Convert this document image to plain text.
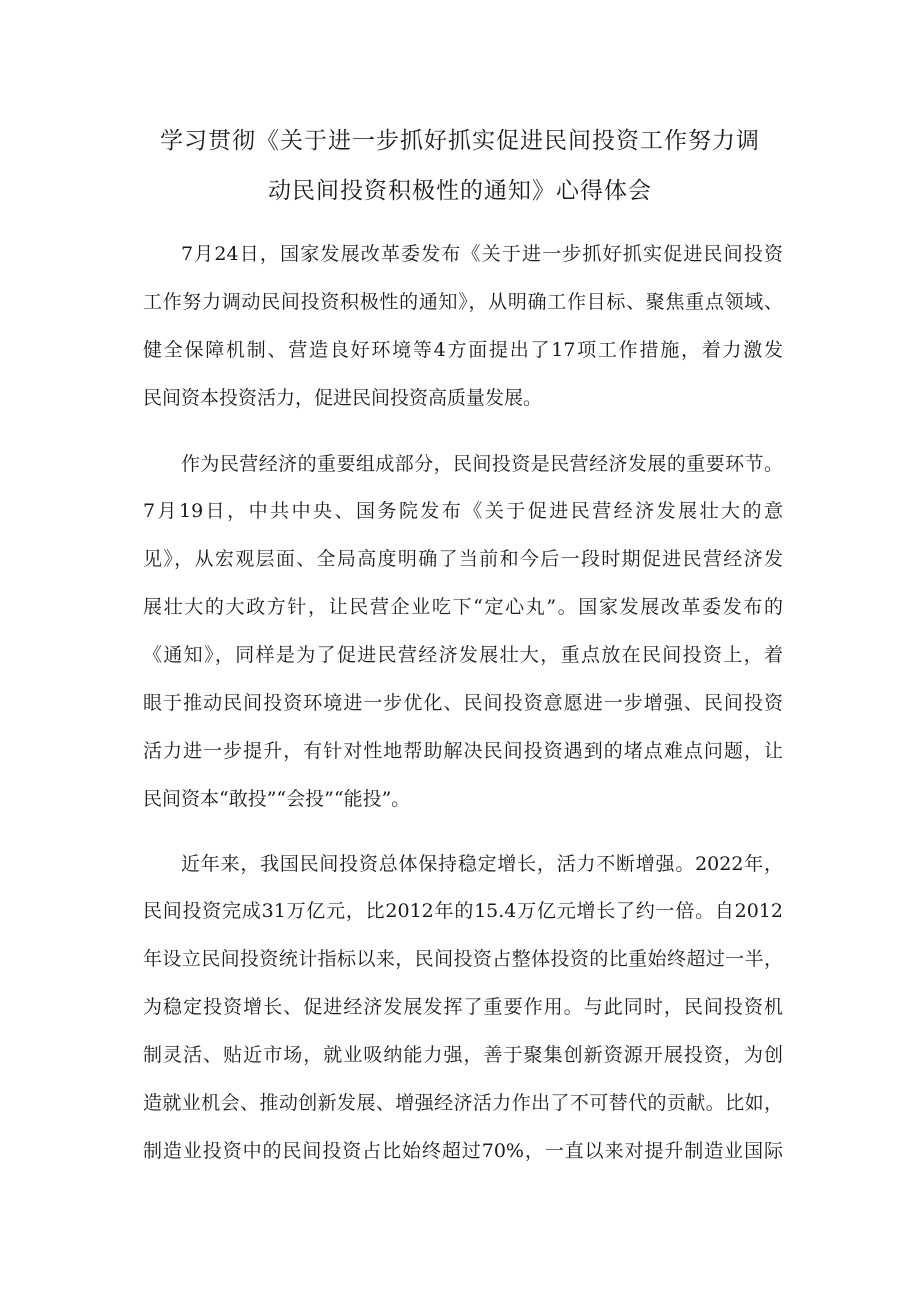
学习贯彻《关于进一步抓好抓实促进民间投资工作努力调
动民间投资积极性的通知》心得体会
7月24日，国家发展改革委发布《关于进一步抓好抓实促进民间投资
工作努力调动民间投资积极性的通知》，从明确工作目标、聚焦重点领域、
健全保障机制、营造良好环境等4方面提出了17项工作措施，着力激发
民间资本投资活力，促进民间投资高质量发展。
作为民营经济的重要组成部分，民间投资是民营经济发展的重要环节。
7月19日，中共中央、国务院发布《关于促进民营经济发展壮大的意
见》，从宏观层面、全局高度明确了当前和今后一段时期促进民营经济发
展壮大的大政方针，让民营企业吃下“定心丸”。国家发展改革委发布的
《通知》，同样是为了促进民营经济发展壮大，重点放在民间投资上，着
眼于推动民间投资环境进一步优化、民间投资意愿进一步增强、民间投资
活力进一步提升，有针对性地帮助解决民间投资遇到的堵点难点问题，让
民间资本“敢投”“会投”“能投”。
近年来，我国民间投资总体保持稳定增长，活力不断增强。2022年，
民间投资完成31万亿元，比2012年的15.4万亿元增长了约一倍。自2012
年设立民间投资统计指标以来，民间投资占整体投资的比重始终超过一半，
为稳定投资增长、促进经济发展发挥了重要作用。与此同时，民间投资机
制灵活、贴近市场，就业吸纳能力强，善于聚集创新资源开展投资，为创
造就业机会、推动创新发展、增强经济活力作出了不可替代的贡献。比如，
制造业投资中的民间投资占比始终超过70%，一直以来对提升制造业国际
